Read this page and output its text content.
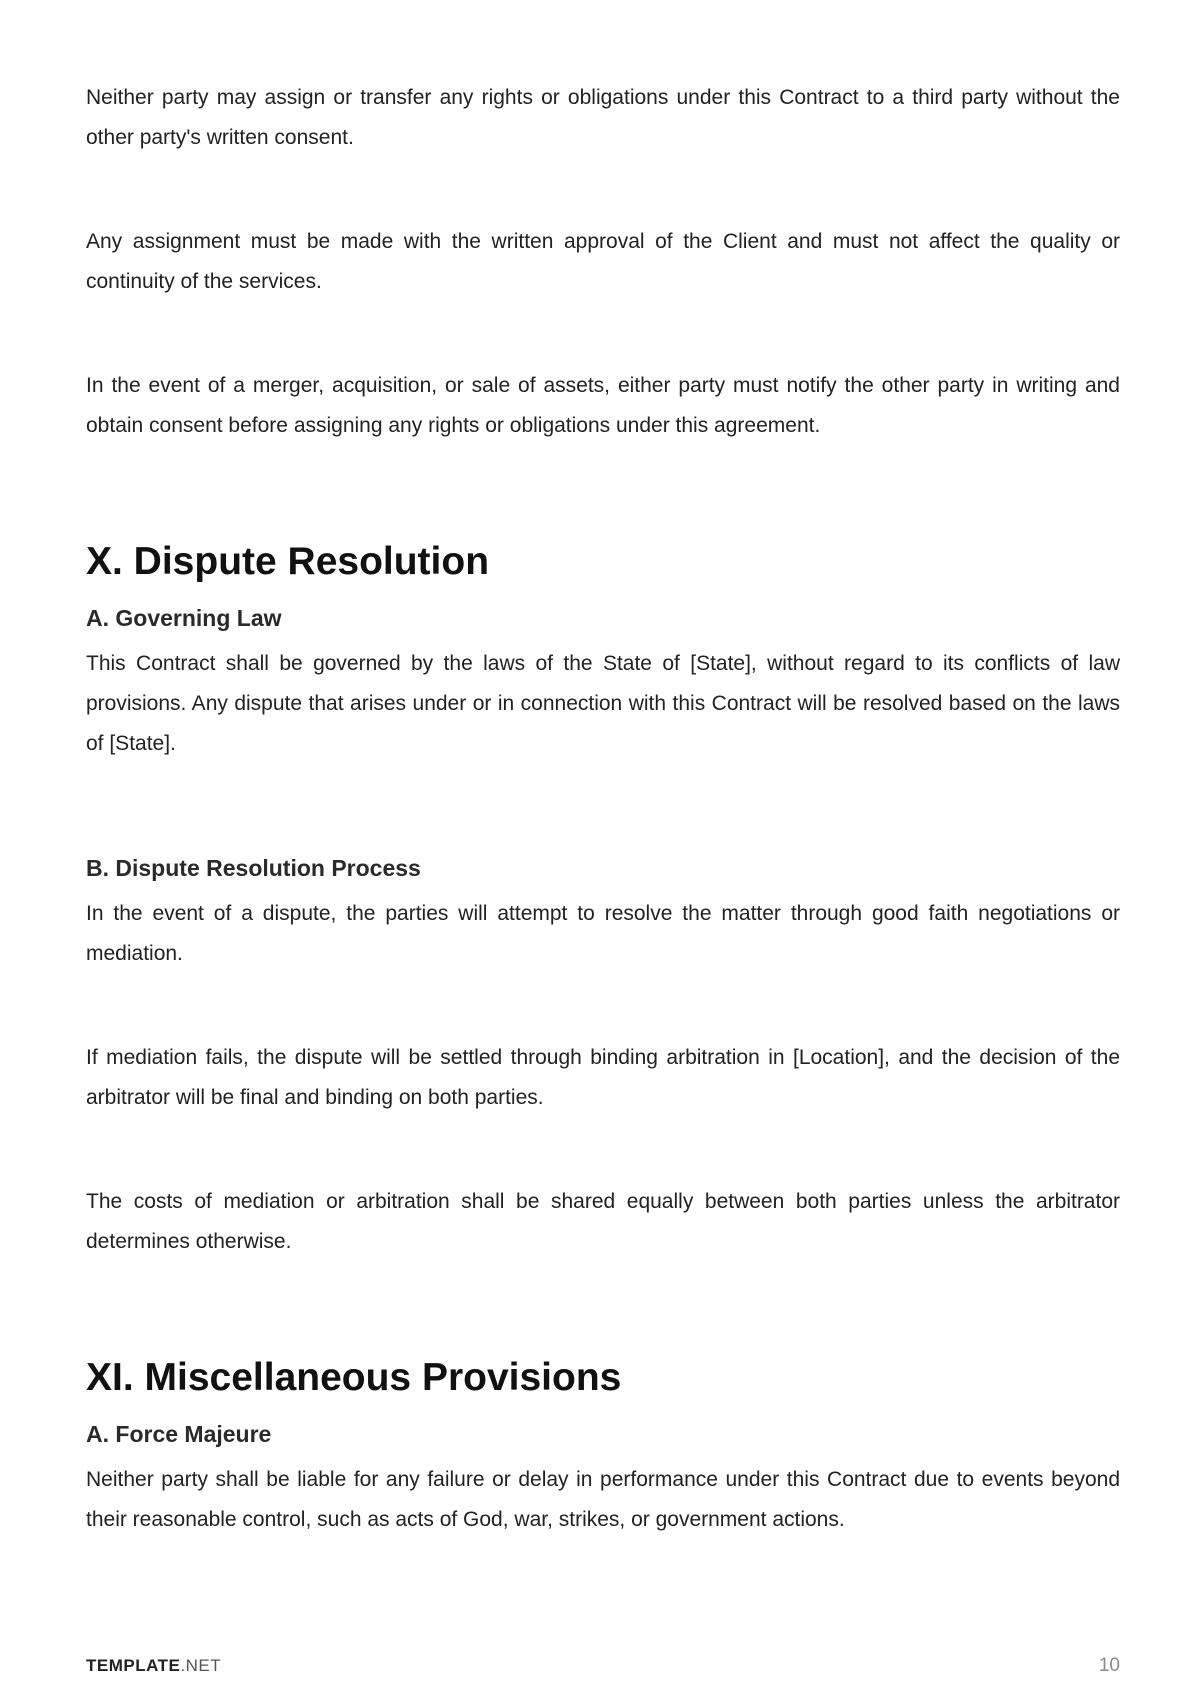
Neither party may assign or transfer any rights or obligations under this Contract to a third party without the other party's written consent.

Any assignment must be made with the written approval of the Client and must not affect the quality or continuity of the services.

In the event of a merger, acquisition, or sale of assets, either party must notify the other party in writing and obtain consent before assigning any rights or obligations under this agreement.

X. Dispute Resolution
A. Governing Law

This Contract shall be governed by the laws of the State of [State], without regard to its conflicts of law provisions. Any dispute that arises under or in connection with this Contract will be resolved based on the laws of [State].

B. Dispute Resolution Process

In the event of a dispute, the parties will attempt to resolve the matter through good faith negotiations or mediation.

If mediation fails, the dispute will be settled through binding arbitration in [Location], and the decision of the arbitrator will be final and binding on both parties.

The costs of mediation or arbitration shall be shared equally between both parties unless the arbitrator determines otherwise.

XI. Miscellaneous Provisions
A. Force Majeure

Neither party shall be liable for any failure or delay in performance under this Contract due to events beyond their reasonable control, such as acts of God, war, strikes, or government actions.

TEMPLATE.NET	10
